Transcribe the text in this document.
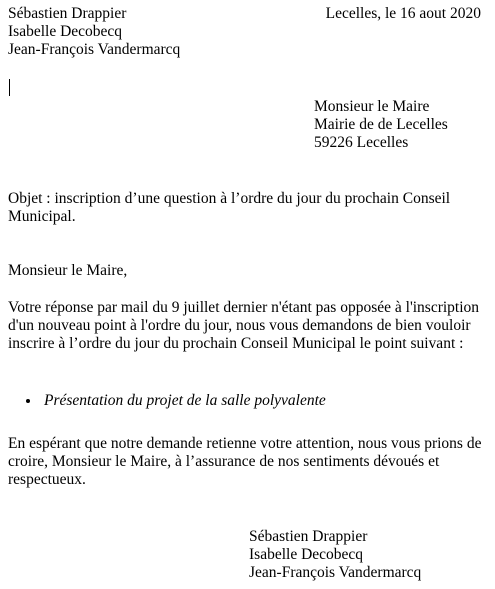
Sébastien Drappier
Isabelle Decobecq
Jean-François Vandermarcq
Lecelles, le 16 aout 2020
Monsieur le Maire
Mairie de de Lecelles
59226 Lecelles
Objet : inscription d’une question à l’ordre du jour du prochain Conseil Municipal.
Monsieur le Maire,
Votre réponse par mail du 9 juillet dernier n'étant pas opposée à l'inscription d'un nouveau point à l'ordre du jour, nous vous demandons de bien vouloir inscrire à l’ordre du jour du prochain Conseil Municipal le point suivant :
Présentation du projet de la salle polyvalente
En espérant que notre demande retienne votre attention, nous vous prions de croire, Monsieur le Maire, à l’assurance de nos sentiments dévoués et respectueux.
Sébastien Drappier
Isabelle Decobecq
Jean-François Vandermarcq
